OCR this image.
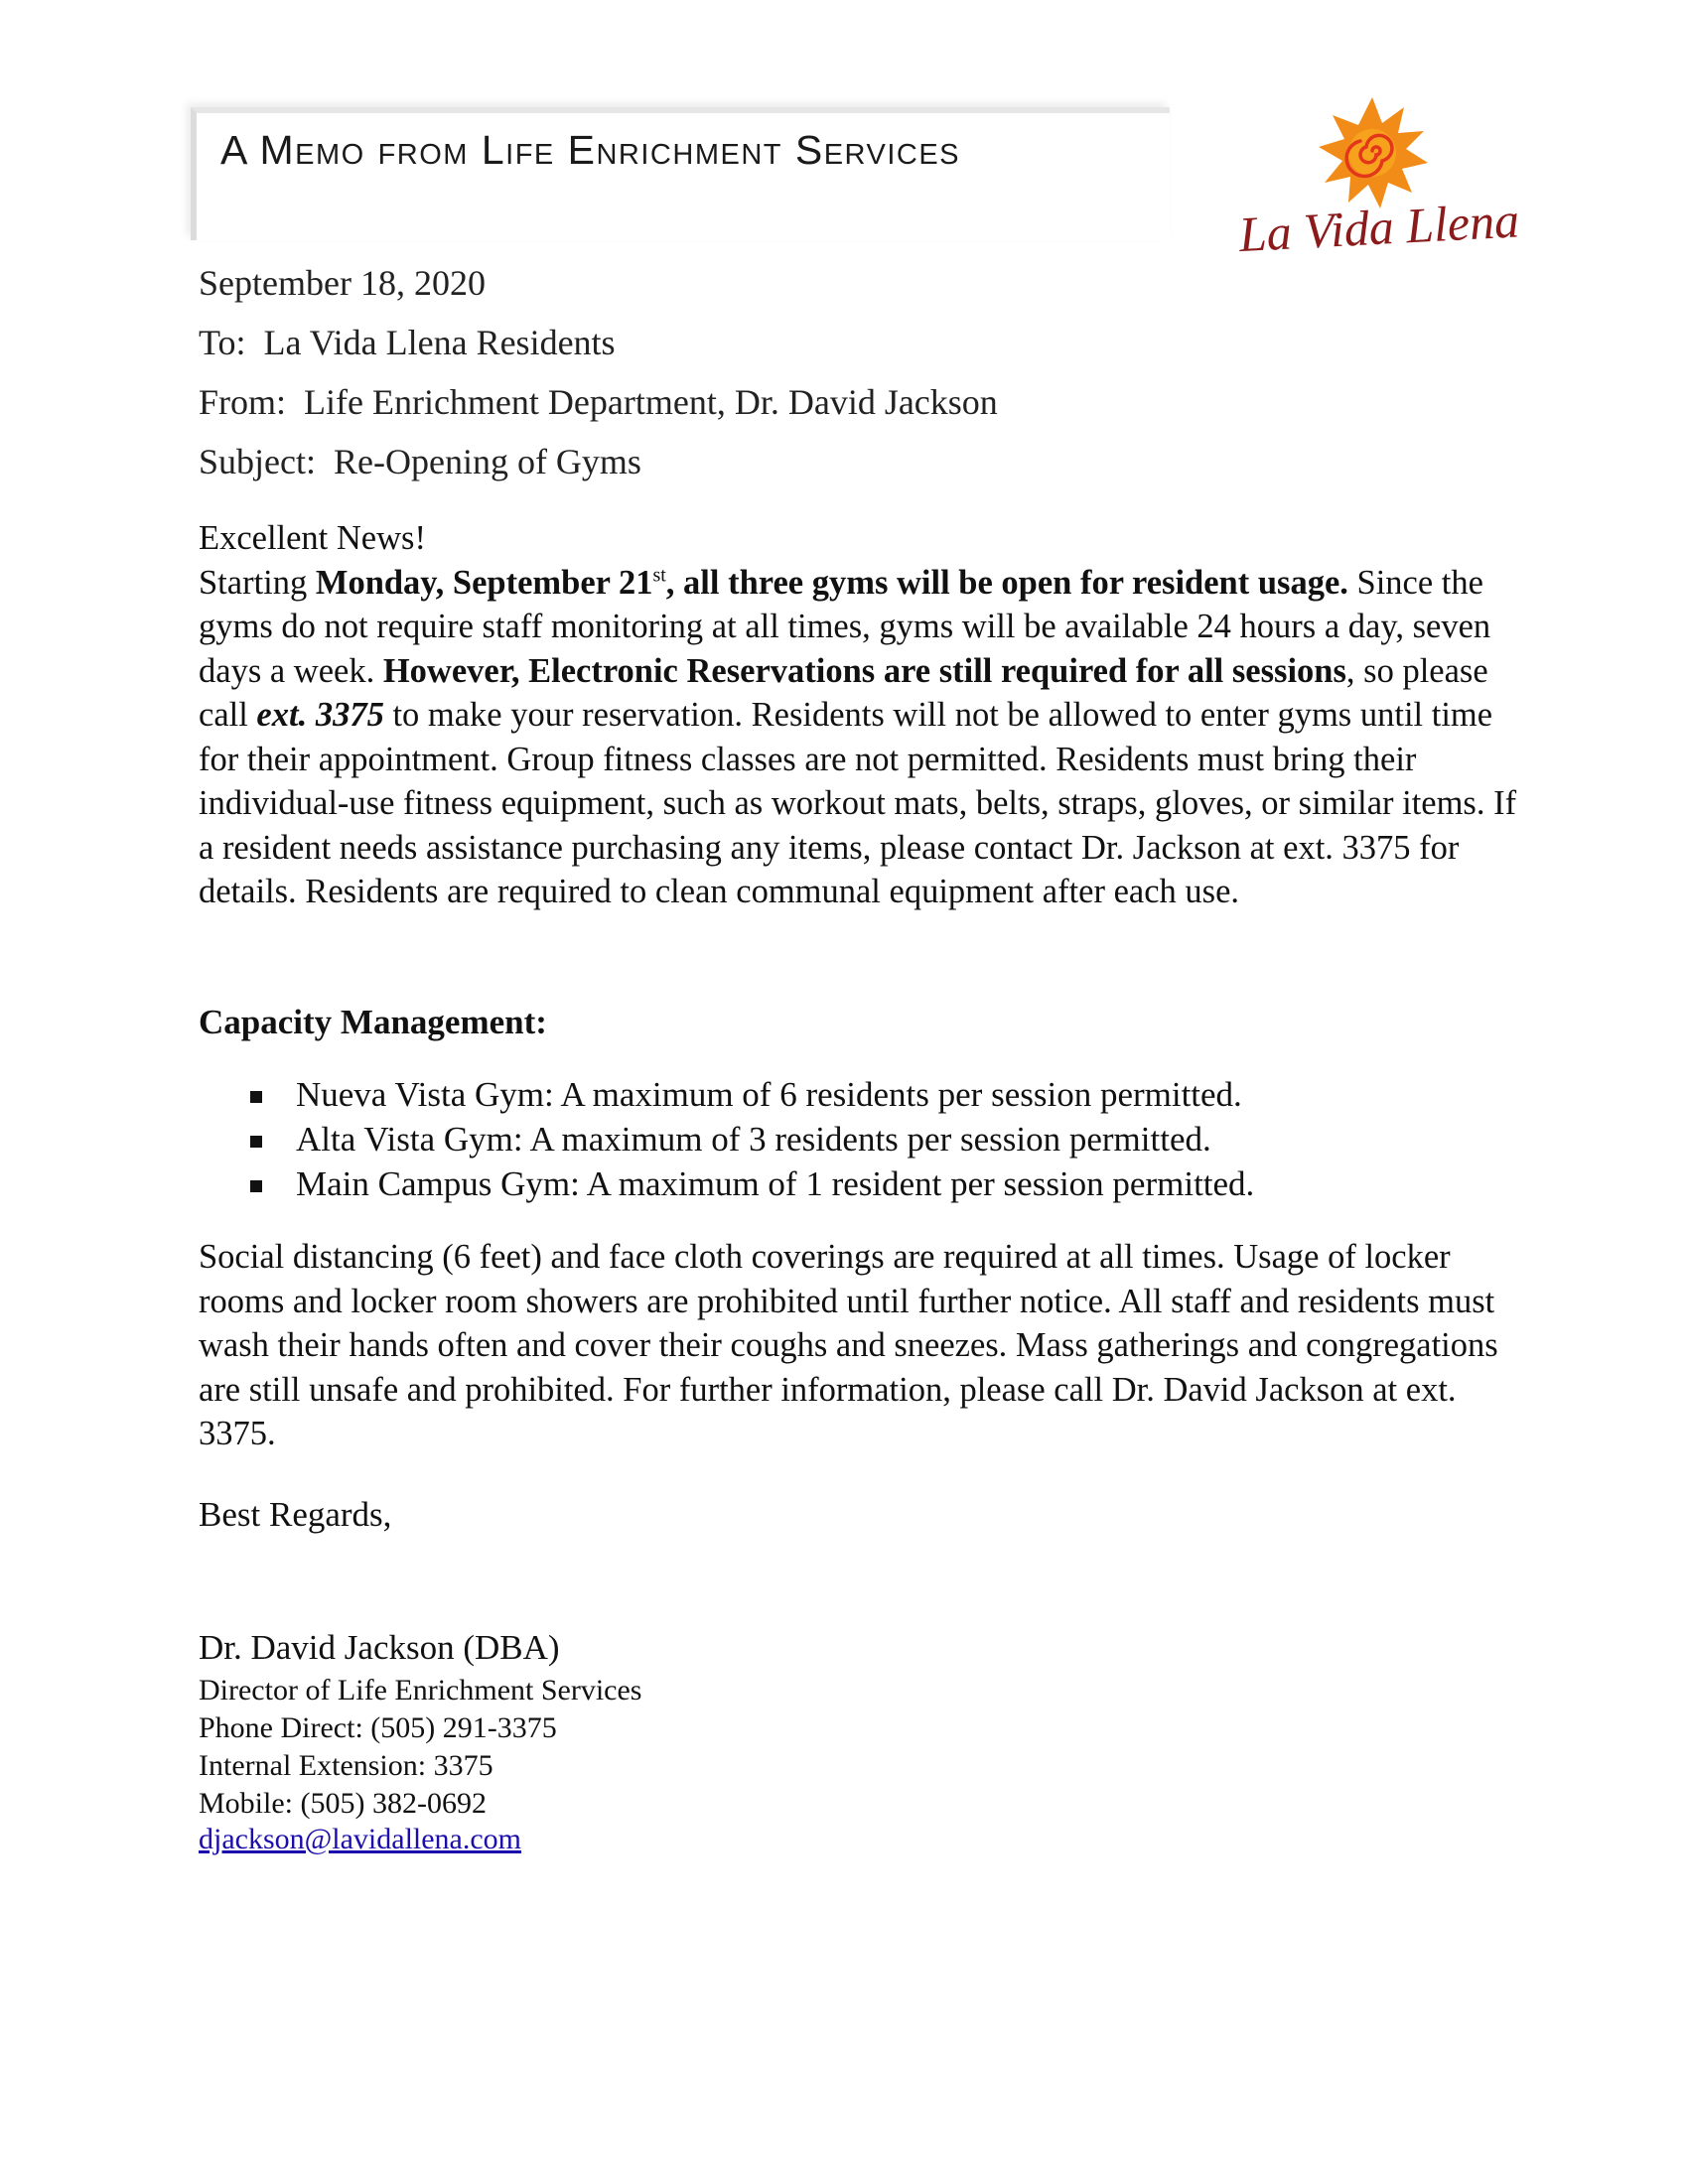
A Memo from Life Enrichment Services
La Vida Llena
September 18, 2020
To: La Vida Llena Residents
From: Life Enrichment Department, Dr. David Jackson
Subject: Re-Opening of Gyms

Excellent News!

Starting Monday, September 21st, all three gyms will be open for resident usage. Since the gyms do not require staff monitoring at all times, gyms will be available 24 hours a day, seven days a week. However, Electronic Reservations are still required for all sessions, so please call ext. 3375 to make your reservation. Residents will not be allowed to enter gyms until time for their appointment. Group fitness classes are not permitted. Residents must bring their individual-use fitness equipment, such as workout mats, belts, straps, gloves, or similar items. If a resident needs assistance purchasing any items, please contact Dr. Jackson at ext. 3375 for details. Residents are required to clean communal equipment after each use.

Capacity Management:
Nueva Vista Gym: A maximum of 6 residents per session permitted.
Alta Vista Gym: A maximum of 3 residents per session permitted.
Main Campus Gym: A maximum of 1 resident per session permitted.
Social distancing (6 feet) and face cloth coverings are required at all times. Usage of locker rooms and locker room showers are prohibited until further notice. All staff and residents must wash their hands often and cover their coughs and sneezes. Mass gatherings and congregations are still unsafe and prohibited. For further information, please call Dr. David Jackson at ext. 3375.
Best Regards,
Dr. David Jackson (DBA)
Director of Life Enrichment Services
Phone Direct: (505) 291-3375
Internal Extension: 3375
Mobile: (505) 382-0692
djackson@lavidallena.com
